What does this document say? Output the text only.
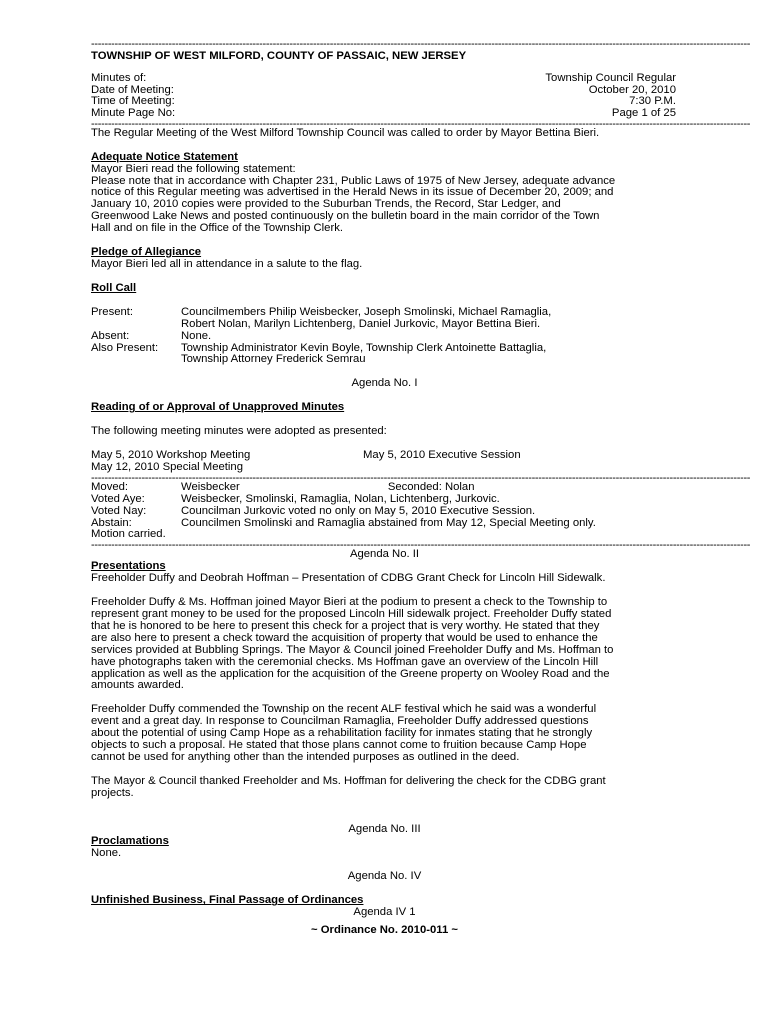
----------------------------------------------------------------------------------------------------------------------------------------------------------------------------------------------------
TOWNSHIP OF WEST MILFORD, COUNTY OF PASSAIC, NEW JERSEY
Minutes of:	Township Council Regular
Date of Meeting:	October 20, 2010
Time of Meeting:	7:30 P.M.
Minute Page No:	Page 1 of 25
----------------------------------------------------------------------------------------------------------------------------------------------------------------------------------------------------

The Regular Meeting of the West Milford Township Council was called to order by Mayor Bettina Bieri.

Adequate Notice Statement

Mayor Bieri read the following statement:

Please note that in accordance with Chapter 231, Public Laws of 1975 of New Jersey, adequate advance

notice of this Regular meeting was advertised in the Herald News in its issue of December 20, 2009; and

January 10, 2010 copies were provided to the Suburban Trends, the Record, Star Ledger, and

Greenwood Lake News and posted continuously on the bulletin board in the main corridor of the Town

Hall and on file in the Office of the Township Clerk.

Pledge of Allegiance

Mayor Bieri led all in attendance in a salute to the flag.

Roll Call

Present:	Councilmembers Philip Weisbecker, Joseph Smolinski, Michael Ramaglia,
Robert Nolan, Marilyn Lichtenberg, Daniel Jurkovic, Mayor Bettina Bieri.
Absent:	None.
Also Present:	Township Administrator Kevin Boyle, Township Clerk Antoinette Battaglia,
Township Attorney Frederick Semrau

Agenda No. I

Reading of or Approval of Unapproved Minutes

The following meeting minutes were adopted as presented:

May 5, 2010 Workshop Meeting	May 5, 2010 Executive Session
May 12, 2010 Special Meeting
----------------------------------------------------------------------------------------------------------------------------------------------------------------------------------------------------
Moved:	Weisbecker	Seconded: Nolan
Voted Aye:	Weisbecker, Smolinski, Ramaglia, Nolan, Lichtenberg, Jurkovic.
Voted Nay:	Councilman Jurkovic voted no only on May 5, 2010 Executive Session.
Abstain:	Councilmen Smolinski and Ramaglia abstained from May 12, Special Meeting only.

Motion carried.

----------------------------------------------------------------------------------------------------------------------------------------------------------------------------------------------------

Agenda No. II

Presentations

Freeholder Duffy and Deobrah Hoffman – Presentation of CDBG Grant Check for Lincoln Hill Sidewalk.

Freeholder Duffy & Ms. Hoffman joined Mayor Bieri at the podium to present a check to the Township to

represent grant money to be used for the proposed Lincoln Hill sidewalk project. Freeholder Duffy stated

that he is honored to be here to present this check for a project that is very worthy. He stated that they

are also here to present a check toward the acquisition of property that would be used to enhance the

services provided at Bubbling Springs. The Mayor & Council joined Freeholder Duffy and Ms. Hoffman to

have photographs taken with the ceremonial checks. Ms Hoffman gave an overview of the Lincoln Hill

application as well as the application for the acquisition of the Greene property on Wooley Road and the

amounts awarded.

Freeholder Duffy commended the Township on the recent ALF festival which he said was a wonderful

event and a great day. In response to Councilman Ramaglia, Freeholder Duffy addressed questions

about the potential of using Camp Hope as a rehabilitation facility for inmates stating that he strongly

objects to such a proposal. He stated that those plans cannot come to fruition because Camp Hope

cannot be used for anything other than the intended purposes as outlined in the deed.

The Mayor & Council thanked Freeholder and Ms. Hoffman for delivering the check for the CDBG grant

projects.

Agenda No. III

Proclamations

None.

Agenda No. IV

Unfinished Business, Final Passage of Ordinances

Agenda IV 1

~ Ordinance No. 2010-011 ~
